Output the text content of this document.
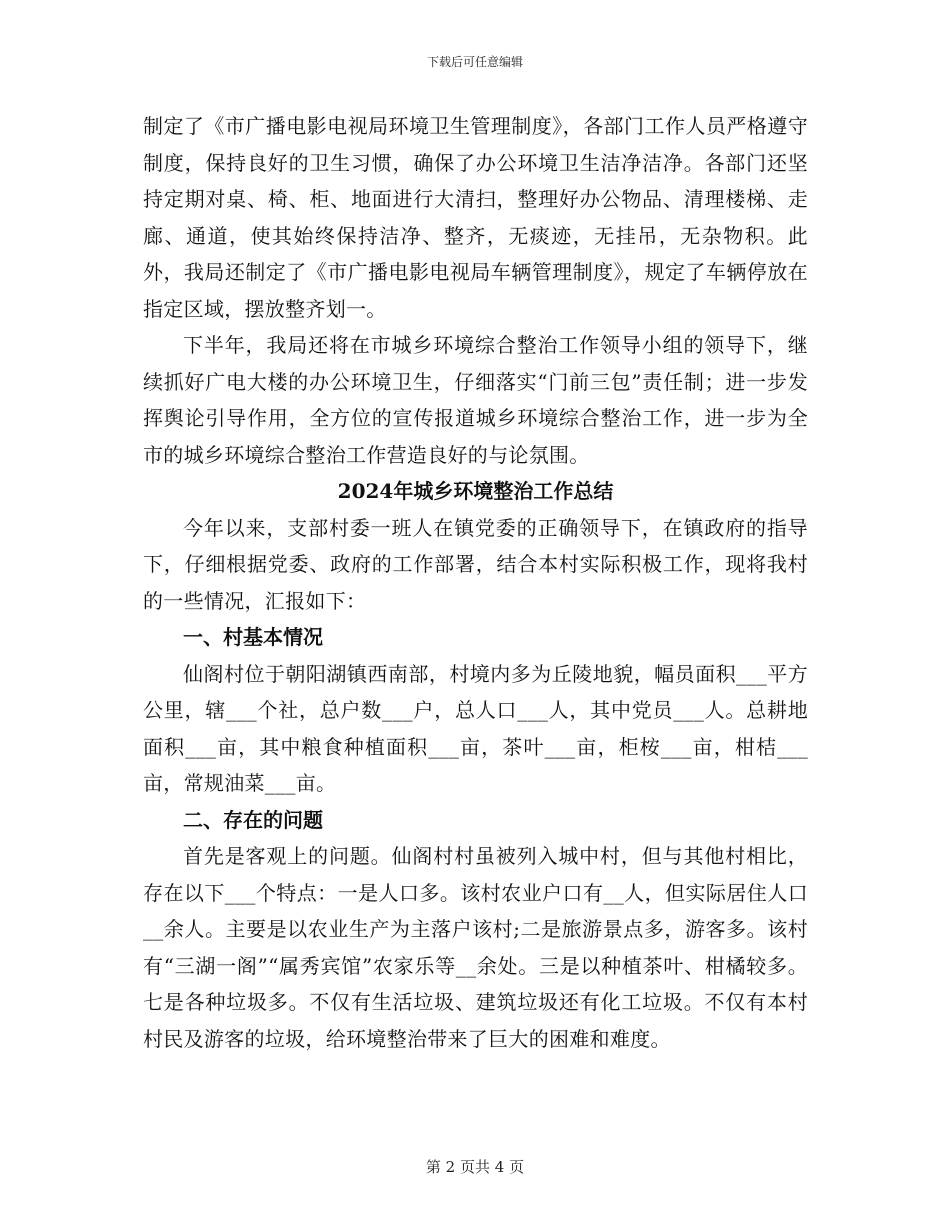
下载后可任意编辑

制定了《市广播电影电视局环境卫生管理制度》，各部门工作人员严格遵守制度，保持良好的卫生习惯，确保了办公环境卫生洁净洁净。各部门还坚持定期对桌、椅、柜、地面进行大清扫，整理好办公物品、清理楼梯、走廊、通道，使其始终保持洁净、整齐，无痰迹，无挂吊，无杂物积。此外，我局还制定了《市广播电影电视局车辆管理制度》，规定了车辆停放在指定区域，摆放整齐划一。

下半年，我局还将在市城乡环境综合整治工作领导小组的领导下，继续抓好广电大楼的办公环境卫生，仔细落实“门前三包”责任制；进一步发挥舆论引导作用，全方位的宣传报道城乡环境综合整治工作，进一步为全市的城乡环境综合整治工作营造良好的与论氛围。

2024年城乡环境整治工作总结

今年以来，支部村委一班人在镇党委的正确领导下，在镇政府的指导下，仔细根据党委、政府的工作部署，结合本村实际积极工作，现将我村的一些情况，汇报如下：

一、村基本情况

仙阁村位于朝阳湖镇西南部，村境内多为丘陵地貌，幅员面积___平方公里，辖___个社，总户数___户，总人口___人，其中党员___人。总耕地面积___亩，其中粮食种植面积___亩，茶叶___亩，柜桉___亩，柑桔___亩，常规油菜___亩。

二、存在的问题

首先是客观上的问题。仙阁村村虽被列入城中村，但与其他村相比，存在以下___个特点：一是人口多。该村农业户口有__人，但实际居住人口__余人。主要是以农业生产为主落户该村;二是旅游景点多，游客多。该村有“三湖一阁”“属秀宾馆”农家乐等__余处。三是以种植茶叶、柑橘较多。七是各种垃圾多。不仅有生活垃圾、建筑垃圾还有化工垃圾。不仅有本村村民及游客的垃圾，给环境整治带来了巨大的困难和难度。

第 2 页共 4 页
